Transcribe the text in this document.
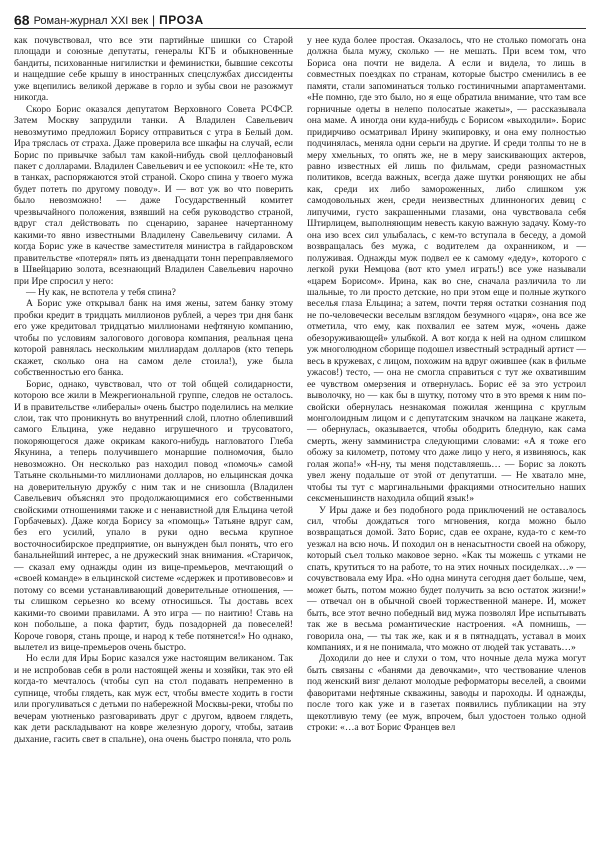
68 Роман-журнал XXI век | ПРОЗА

как почувствовал, что все эти партийные шишки со Старой площади и союзные депутаты, генералы КГБ и обыкновенные бандиты, психованные нигилистки и феминистки, бывшие сексоты и нащедшие себе крышу в иностранных спецслужбах диссиденты уже вцепились великой державе в горло и зубы свои не разожмут никогда.

Скоро Борис оказался депутатом Верховного Совета РСФСР. Затем Москву запрудили танки. А Владилен Савельевич невозмутимо предложил Борису отправиться с утра в Белый дом. Ира тряслась от страха. Даже проверила все шкафы на случай, если Борис по привычке забыл там какой-нибудь свой целлофановый пакет с долларами. Владилен Савельевич и ее успокоил: «Не те, кто в танках, распоряжаются этой страной. Скоро спина у твоего мужа будет потеть по другому поводу». И — вот уж во что поверить было невозможно! — даже Государственный комитет чрезвычайного положения, взявший на себя руководство страной, вдруг стал действовать по сценарию, заранее начертанному какими-то явно известными Владилену Савельевичу силами. А когда Борис уже в качестве заместителя министра в гайдаровском правительстве «потерял» пять из двенадцати тонн переправляемого в Швейцарию золота, всезнающий Владилен Савельевич нарочно при Ире спросил у него:

— Ну как, не вспотела у тебя спина?

А Борис уже открывал банк на имя жены, затем банку этому пробки кредит в тридцать миллионов рублей, а через три дня банк его уже кредитовал тридцатью миллионами нефтяную компанию, чтобы по условиям залогового договора компания, реальная цена которой равнялась нескольким миллиардам долларов (кто теперь скажет, сколько она на самом деле стоила!), уже была собственностью его банка.

Борис, однако, чувствовал, что от той общей солидарности, которою все жили в Межрегиональной группе, следов не осталось. И в правительстве «либералы» очень быстро поделились на мелкие слои, так что проникнуть во внутренний слой, плотно облепивший самого Ельцина, уже недавно игрушечного и трусоватого, покоряющегося даже окрикам какого-нибудь нагловатого Глеба Якунина, а теперь получившего монаршие полномочия, было невозможно. Он несколько раз находил повод «помочь» самой Татьяне скольными-то миллионами долларов, но ельцинская дочка на доверительную дружбу с ним так и не снизошла (Владилен Савельевич объяснял это продолжающимися его собственными свойскими отношениями также и с ненавистной для Ельцина четой Горбачевых). Даже когда Борису за «помощь» Татьяне вдруг сам, без его усилий, упало в руки одно весьма крупное восточносибирское предприятие, он вынужден был понять, что его банальнейший интерес, а не дружеский знак внимания. «Старичок, — сказал ему однажды один из вице-премьеров, мечтающий о «своей команде» в ельцинской системе «сдержек и противовесов» и потому со всеми устанавливающий доверительные отношения, — ты слишком серьезно ко всему относишься. Ты доставь всех какими-то своими правилами. А это игра — по наитию! Ставь на кон побольше, а пока фартит, будь позадорней да повеселей! Короче говоря, стань проще, и народ к тебе потянется!» Но однако, вылетел из вице-премьеров очень быстро.

Но если для Иры Борис казался уже настоящим великаном. Так и не испробовав себя в роли настоящей жены и хозяйки, так это ей когда-то мечталось (чтобы суп на стол подавать непременно в супнице, чтобы глядеть, как муж ест, чтобы вместе ходить в гости или прогуливаться с детьми по набережной Москвы-реки, чтобы по вечерам уютненько разговаривать друг с другом, вдвоем глядеть, как дети раскладывают на ковре железную дорогу, чтобы, затаив дыхание, гасить свет в спальне), она очень быстро поняла, что роль

у нее куда более простая. Оказалось, что не столько помогать она должна была мужу, сколько — не мешать. При всем том, что Бориса она почти не видела. А если и видела, то лишь в совместных поездках по странам, которые быстро сменились в ее памяти, стали запоминаться только гостиничными апартаментами. «Не помню, где это было, но я еще обратила внимание, что там все горничные одеты в нелепо полосатые жакеты», — рассказывала она маме. А иногда они куда-нибудь с Борисом «выходили». Борис придирчиво осматривал Ирину экипировку, и она ему полностью подчинялась, меняла одни серьги на другие. И среди толпы то не в меру хмельных, то опять же, не в меру заискивающих актеров, равно известных ей лишь по фильмам, среди разномастных политиков, всегда важных, всегда даже шутки роняющих не абы как, среди их либо замороженных, либо слишком уж самодовольных жен, среди неизвестных длинноногих девиц с липучими, густо закрашенными глазами, она чувствовала себя Штирлицем, выполняющим невесть какую важную задачу. Кому-то она изо всех сил улыбалась, с кем-то вступала в беседу, а домой возвращалась без мужа, с водителем да охранником, и — полуживая. Однажды муж подвел ее к самому «деду», которого с легкой руки Немцова (вот кто умел играть!) все уже называли «царем Борисом». Ирина, как во сне, сначала различила то ли шальные, то ли просто детские, но при этом еще и полные жуткого веселья глаза Ельцина; а затем, почти теряя остатки сознания под не по-человечески веселым взглядом безумного «царя», она все же отметила, что ему, как похвалил ее затем муж, «очень даже обезоруживающей» улыбкой. А вот когда к ней на одном слишком уж многолюдном сборище подошел известный эстрадный артист — весь в кружевах, с лицом, похожим на вдруг ожившее (как в фильме ужасов!) тесто, — она не смогла справиться с тут же охватившим ее чувством омерзения и отвернулась. Борис её за это устроил выволочку, но — как бы в шутку, потому что в это время к ним по-свойски обернулась незнакомая пожилая женщина с круглым монголоидным лицом и с депутатским значком на лацкане жакета, — обернулась, оказывается, чтобы ободрить бледную, как сама смерть, жену замминистра следующими словами: «А я тоже его обожу за километр, потому что даже лицо у него, я извиняюсь, как голая жопа!» «Н-ну, ты меня подставляешь… — Борис за локоть увел жену подальше от этой от депутатши. — Не хватало мне, чтобы ты тут с маргинальными фракциями относительно наших сексменьшинств находила общий язык!»

У Иры даже и без подобного рода приключений не оставалось сил, чтобы дождаться того мгновения, когда можно было возвращаться домой. Зато Борис, сдав ее охране, куда-то с кем-то уезжал на всю ночь. И походил он в ненасытности своей на обжору, который съел только маковое зерно. «Как ты можешь с утками не спать, крутиться то на работе, то на этих ночных посиделках…» — сочувствовала ему Ира. «Но одна минута сегодня дает больше, чем, может быть, потом можно будет получить за всю остаток жизни!» — отвечал он в обычной своей торжественной манере. И, может быть, все этот вечно победный вид мужа позволял Ире испытывать так же в весьма романтические настроения. «А помнишь, — говорила она, — ты так же, как и я в пятнадцать, уставал в моих компаниях, и я не понимала, что можно от людей так уставать…»

Доходили до нее и слухи о том, что ночные дела мужа могут быть связаны с «банями да девочками», что чествование членов под женский визг делают молодые реформаторы веселей, а своими фаворитами нефтяные скважины, заводы и пароходы. И однажды, после того как уже и в газетах появились публикации на эту щекотливую тему (ее муж, впрочем, был удостоен только одной строки: «…а вот Борис Францев вел
